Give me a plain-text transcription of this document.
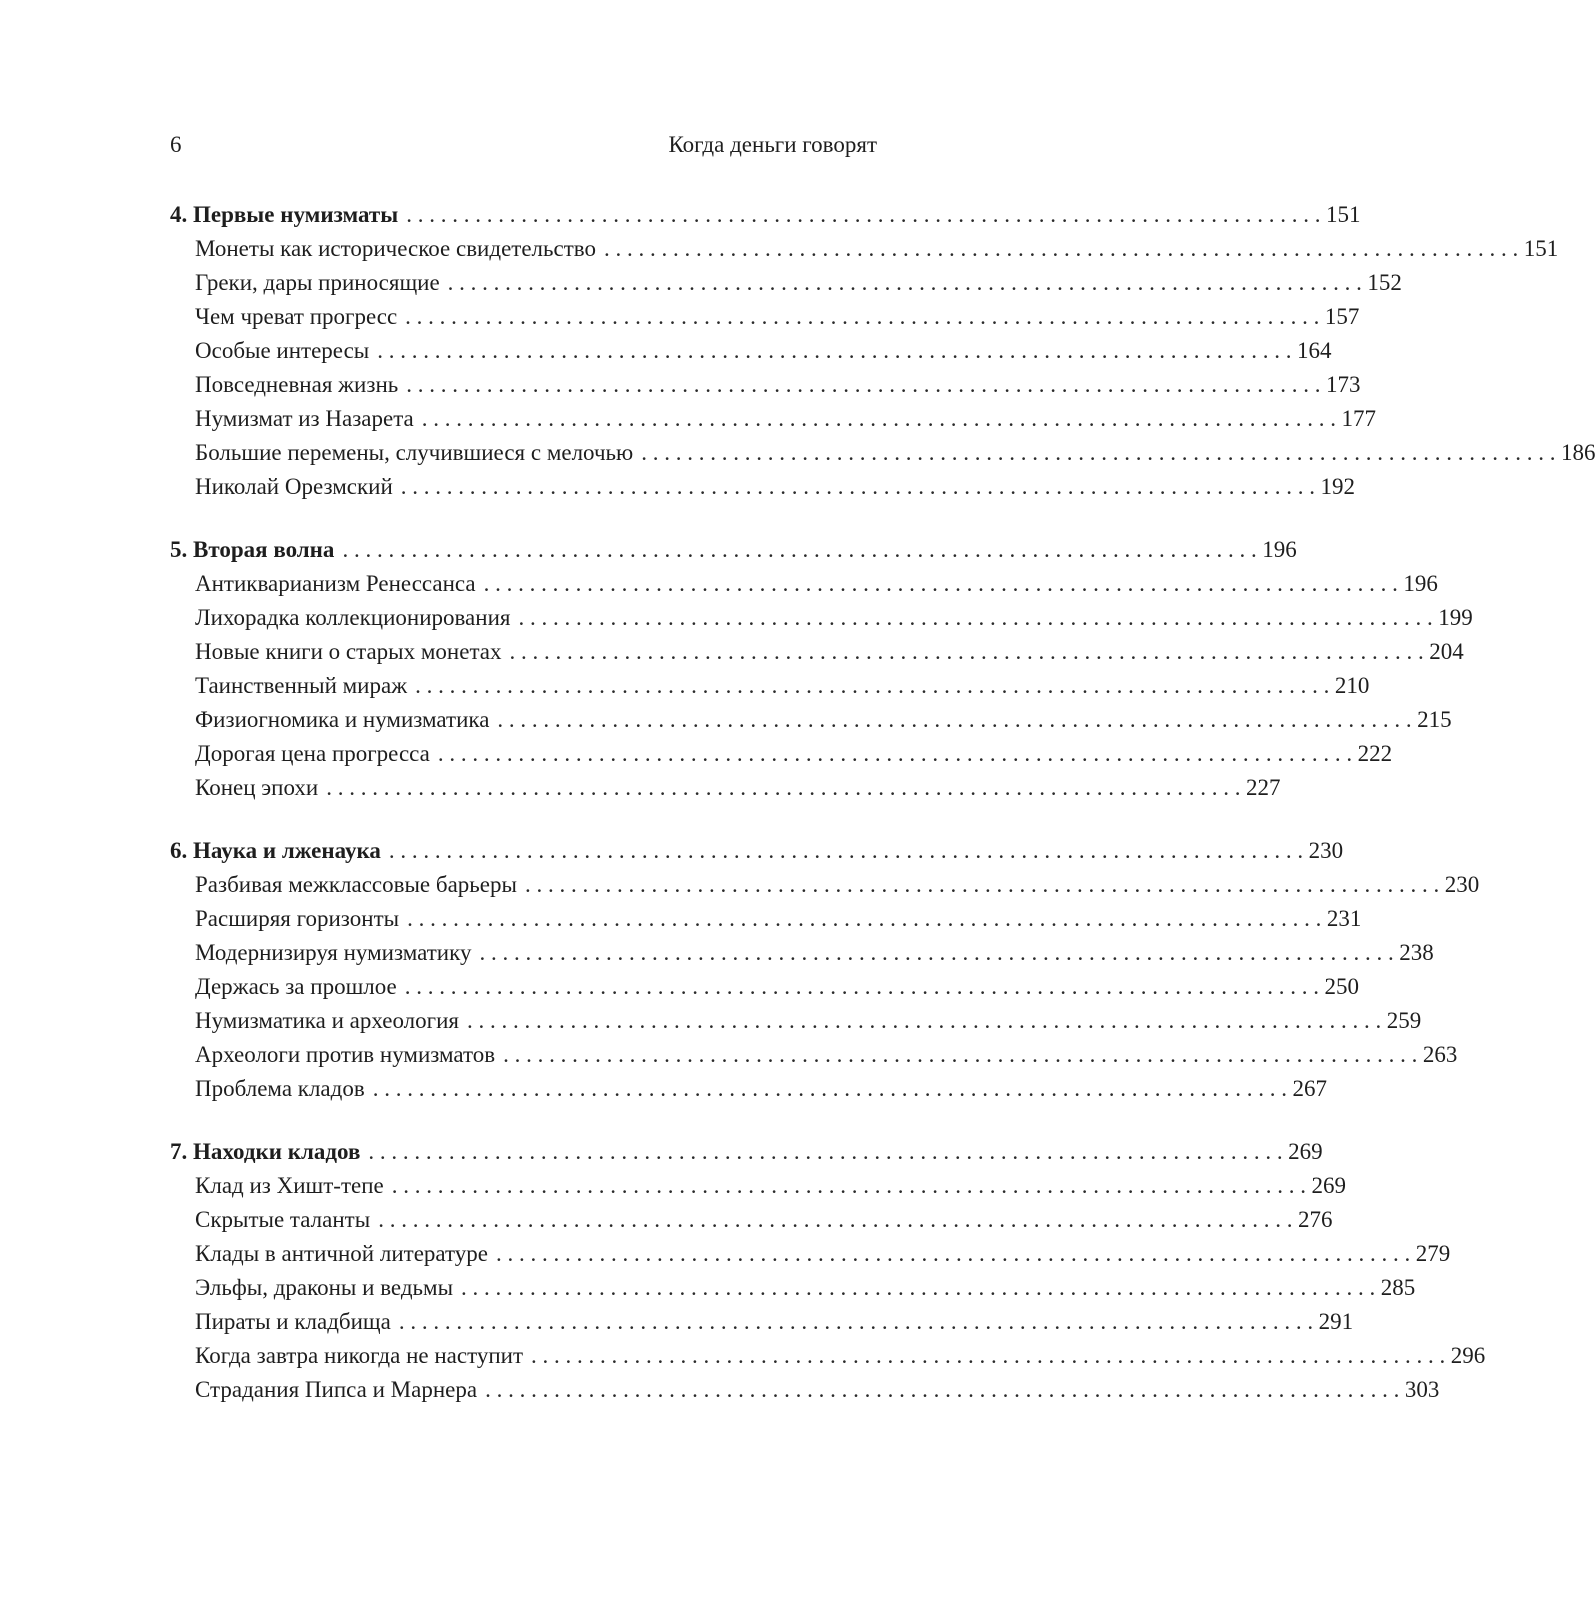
6	Когда деньги говорят
4. Первые нумизматы . . . . . . . . . . . . . . . . . . . . . . . . . . . . . . . . . . . . . . . . . . . . . . . . . . . . . . . . . . . . . . . . . . . . . . . . . . . . . . . . 151
Монеты как историческое свидетельство . . . . . . . . . . . . . . . . . . . . . . . . . . . . . . . . . . . . . . . . . . . . . . . . . . . . . . . . . . . . . . . . . . . . . . . . . . . . . . . . 151
Греки, дары приносящие . . . . . . . . . . . . . . . . . . . . . . . . . . . . . . . . . . . . . . . . . . . . . . . . . . . . . . . . . . . . . . . . . . . . . . . . . . . . . . . . 152
Чем чреват прогресс . . . . . . . . . . . . . . . . . . . . . . . . . . . . . . . . . . . . . . . . . . . . . . . . . . . . . . . . . . . . . . . . . . . . . . . . . . . . . . . . 157
Особые интересы . . . . . . . . . . . . . . . . . . . . . . . . . . . . . . . . . . . . . . . . . . . . . . . . . . . . . . . . . . . . . . . . . . . . . . . . . . . . . . . . 164
Повседневная жизнь . . . . . . . . . . . . . . . . . . . . . . . . . . . . . . . . . . . . . . . . . . . . . . . . . . . . . . . . . . . . . . . . . . . . . . . . . . . . . . . . 173
Нумизмат из Назарета . . . . . . . . . . . . . . . . . . . . . . . . . . . . . . . . . . . . . . . . . . . . . . . . . . . . . . . . . . . . . . . . . . . . . . . . . . . . . . . . 177
Большие перемены, случившиеся с мелочью . . . . . . . . . . . . . . . . . . . . . . . . . . . . . . . . . . . . . . . . . . . . . . . . . . . . . . . . . . . . . . . . . . . . . . . . . . . . . . . . 186
Николай Орезмский . . . . . . . . . . . . . . . . . . . . . . . . . . . . . . . . . . . . . . . . . . . . . . . . . . . . . . . . . . . . . . . . . . . . . . . . . . . . . . . . 192
5. Вторая волна . . . . . . . . . . . . . . . . . . . . . . . . . . . . . . . . . . . . . . . . . . . . . . . . . . . . . . . . . . . . . . . . . . . . . . . . . . . . . . . . 196
Антикварианизм Ренессанса . . . . . . . . . . . . . . . . . . . . . . . . . . . . . . . . . . . . . . . . . . . . . . . . . . . . . . . . . . . . . . . . . . . . . . . . . . . . . . . . 196
Лихорадка коллекционирования . . . . . . . . . . . . . . . . . . . . . . . . . . . . . . . . . . . . . . . . . . . . . . . . . . . . . . . . . . . . . . . . . . . . . . . . . . . . . . . . 199
Новые книги о старых монетах . . . . . . . . . . . . . . . . . . . . . . . . . . . . . . . . . . . . . . . . . . . . . . . . . . . . . . . . . . . . . . . . . . . . . . . . . . . . . . . . 204
Таинственный мираж . . . . . . . . . . . . . . . . . . . . . . . . . . . . . . . . . . . . . . . . . . . . . . . . . . . . . . . . . . . . . . . . . . . . . . . . . . . . . . . . 210
Физиогномика и нумизматика . . . . . . . . . . . . . . . . . . . . . . . . . . . . . . . . . . . . . . . . . . . . . . . . . . . . . . . . . . . . . . . . . . . . . . . . . . . . . . . . 215
Дорогая цена прогресса . . . . . . . . . . . . . . . . . . . . . . . . . . . . . . . . . . . . . . . . . . . . . . . . . . . . . . . . . . . . . . . . . . . . . . . . . . . . . . . . 222
Конец эпохи . . . . . . . . . . . . . . . . . . . . . . . . . . . . . . . . . . . . . . . . . . . . . . . . . . . . . . . . . . . . . . . . . . . . . . . . . . . . . . . . 227
6. Наука и лженаука . . . . . . . . . . . . . . . . . . . . . . . . . . . . . . . . . . . . . . . . . . . . . . . . . . . . . . . . . . . . . . . . . . . . . . . . . . . . . . . . 230
Разбивая межклассовые барьеры . . . . . . . . . . . . . . . . . . . . . . . . . . . . . . . . . . . . . . . . . . . . . . . . . . . . . . . . . . . . . . . . . . . . . . . . . . . . . . . . 230
Расширяя горизонты . . . . . . . . . . . . . . . . . . . . . . . . . . . . . . . . . . . . . . . . . . . . . . . . . . . . . . . . . . . . . . . . . . . . . . . . . . . . . . . . 231
Модернизируя нумизматику . . . . . . . . . . . . . . . . . . . . . . . . . . . . . . . . . . . . . . . . . . . . . . . . . . . . . . . . . . . . . . . . . . . . . . . . . . . . . . . . 238
Держась за прошлое . . . . . . . . . . . . . . . . . . . . . . . . . . . . . . . . . . . . . . . . . . . . . . . . . . . . . . . . . . . . . . . . . . . . . . . . . . . . . . . . 250
Нумизматика и археология . . . . . . . . . . . . . . . . . . . . . . . . . . . . . . . . . . . . . . . . . . . . . . . . . . . . . . . . . . . . . . . . . . . . . . . . . . . . . . . . 259
Археологи против нумизматов . . . . . . . . . . . . . . . . . . . . . . . . . . . . . . . . . . . . . . . . . . . . . . . . . . . . . . . . . . . . . . . . . . . . . . . . . . . . . . . . 263
Проблема кладов . . . . . . . . . . . . . . . . . . . . . . . . . . . . . . . . . . . . . . . . . . . . . . . . . . . . . . . . . . . . . . . . . . . . . . . . . . . . . . . . 267
7. Находки кладов . . . . . . . . . . . . . . . . . . . . . . . . . . . . . . . . . . . . . . . . . . . . . . . . . . . . . . . . . . . . . . . . . . . . . . . . . . . . . . . . 269
Клад из Хишт-тепе . . . . . . . . . . . . . . . . . . . . . . . . . . . . . . . . . . . . . . . . . . . . . . . . . . . . . . . . . . . . . . . . . . . . . . . . . . . . . . . . 269
Скрытые таланты . . . . . . . . . . . . . . . . . . . . . . . . . . . . . . . . . . . . . . . . . . . . . . . . . . . . . . . . . . . . . . . . . . . . . . . . . . . . . . . . 276
Клады в античной литературе . . . . . . . . . . . . . . . . . . . . . . . . . . . . . . . . . . . . . . . . . . . . . . . . . . . . . . . . . . . . . . . . . . . . . . . . . . . . . . . . 279
Эльфы, драконы и ведьмы . . . . . . . . . . . . . . . . . . . . . . . . . . . . . . . . . . . . . . . . . . . . . . . . . . . . . . . . . . . . . . . . . . . . . . . . . . . . . . . . 285
Пираты и кладбища . . . . . . . . . . . . . . . . . . . . . . . . . . . . . . . . . . . . . . . . . . . . . . . . . . . . . . . . . . . . . . . . . . . . . . . . . . . . . . . . 291
Когда завтра никогда не наступит . . . . . . . . . . . . . . . . . . . . . . . . . . . . . . . . . . . . . . . . . . . . . . . . . . . . . . . . . . . . . . . . . . . . . . . . . . . . . . . . 296
Страдания Пипса и Марнера . . . . . . . . . . . . . . . . . . . . . . . . . . . . . . . . . . . . . . . . . . . . . . . . . . . . . . . . . . . . . . . . . . . . . . . . . . . . . . . . 303
